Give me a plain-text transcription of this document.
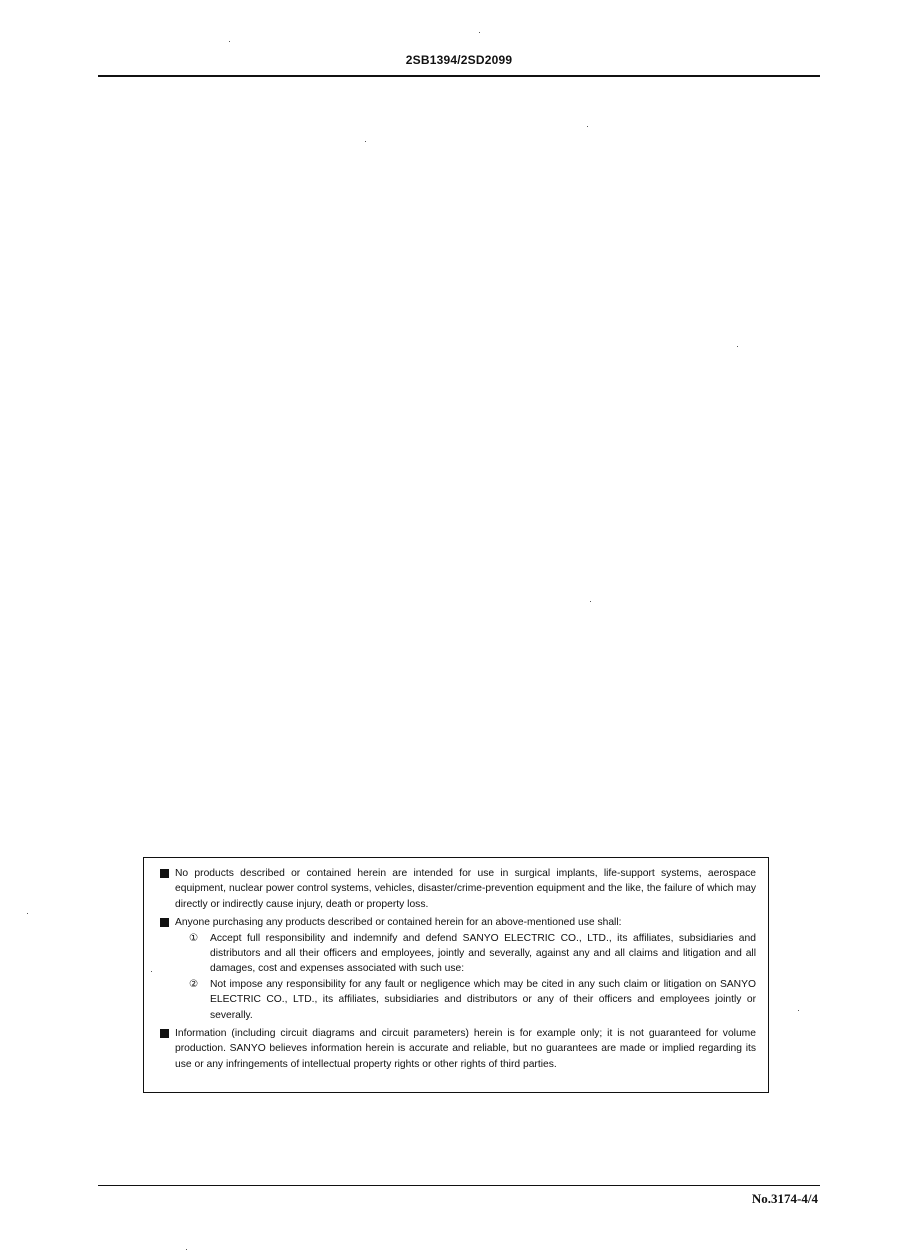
2SB1394/2SD2099
No products described or contained herein are intended for use in surgical implants, life-support systems, aerospace equipment, nuclear power control systems, vehicles, disaster/crime-prevention equipment and the like, the failure of which may directly or indirectly cause injury, death or property loss.
Anyone purchasing any products described or contained herein for an above-mentioned use shall:
①	Accept full responsibility and indemnify and defend SANYO ELECTRIC CO., LTD., its affiliates, subsidiaries and distributors and all their officers and employees, jointly and severally, against any and all claims and litigation and all damages, cost and expenses associated with such use:
②	Not impose any responsibility for any fault or negligence which may be cited in any such claim or litigation on SANYO ELECTRIC CO., LTD., its affiliates, subsidiaries and distributors or any of their officers and employees jointly or severally.
Information (including circuit diagrams and circuit parameters) herein is for example only; it is not guaranteed for volume production. SANYO believes information herein is accurate and reliable, but no guarantees are made or implied regarding its use or any infringements of intellectual property rights or other rights of third parties.
No.3174-4/4
